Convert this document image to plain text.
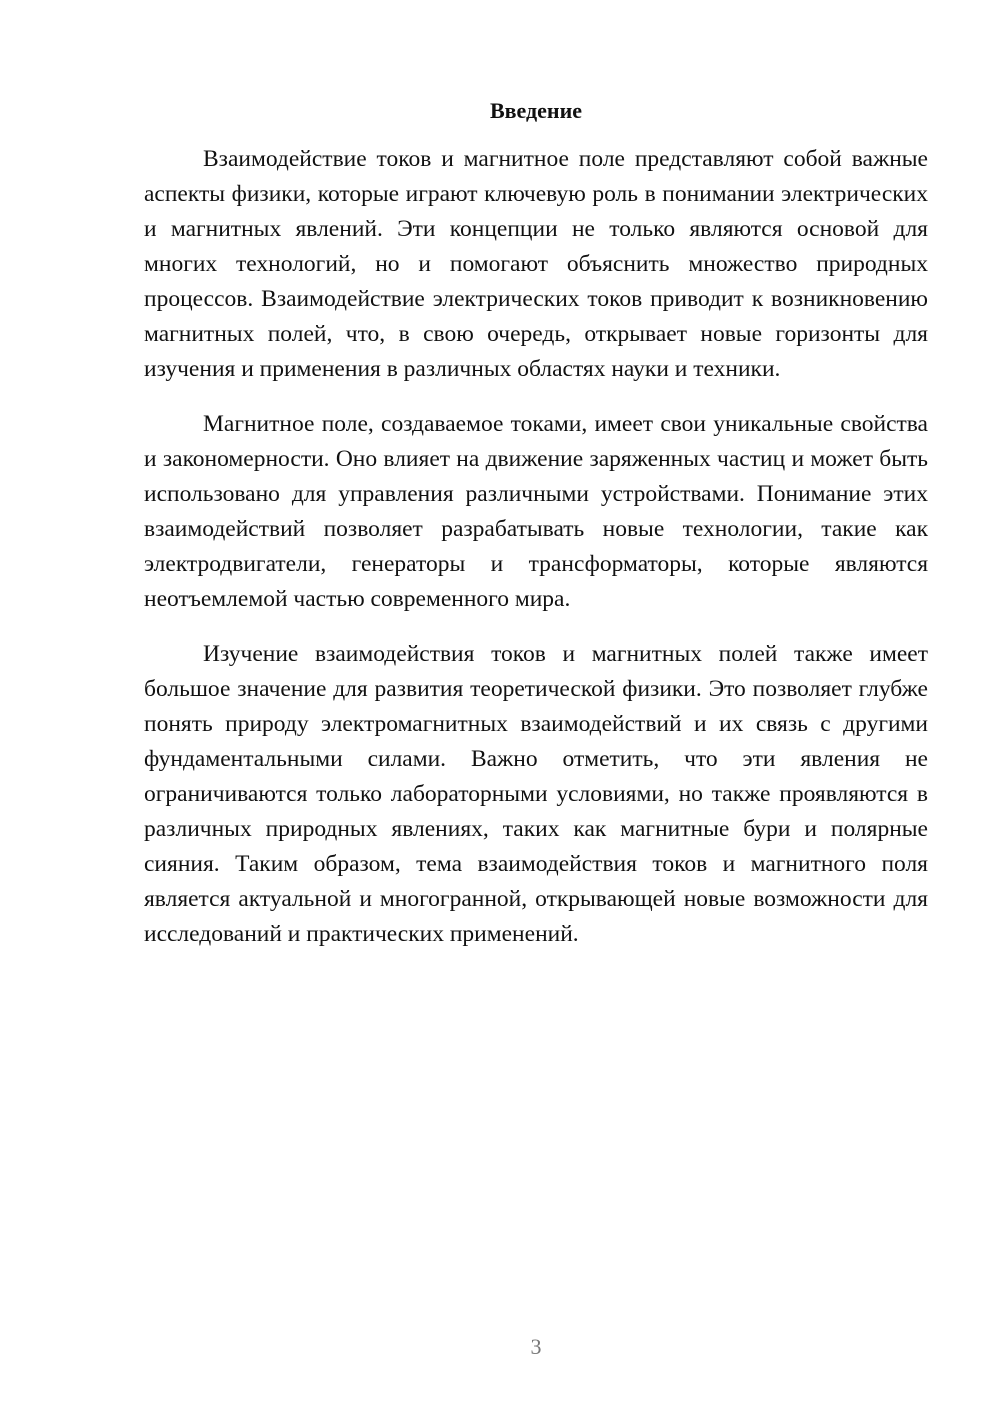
Введение

Взаимодействие токов и магнитное поле представляют собой важные аспекты физики, которые играют ключевую роль в понимании электрических и магнитных явлений. Эти концепции не только являются основой для многих технологий, но и помогают объяснить множество природных процессов. Взаимодействие электрических токов приводит к возникновению магнитных полей, что, в свою очередь, открывает новые горизонты для изучения и применения в различных областях науки и техники.

Магнитное поле, создаваемое токами, имеет свои уникальные свойства и закономерности. Оно влияет на движение заряженных частиц и может быть использовано для управления различными устройствами. Понимание этих взаимодействий позволяет разрабатывать новые технологии, такие как электродвигатели, генераторы и трансформаторы, которые являются неотъемлемой частью современного мира.

Изучение взаимодействия токов и магнитных полей также имеет большое значение для развития теоретической физики. Это позволяет глубже понять природу электромагнитных взаимодействий и их связь с другими фундаментальными силами. Важно отметить, что эти явления не ограничиваются только лабораторными условиями, но также проявляются в различных природных явлениях, таких как магнитные бури и полярные сияния. Таким образом, тема взаимодействия токов и магнитного поля является актуальной и многогранной, открывающей новые возможности для исследований и практических применений.

3
